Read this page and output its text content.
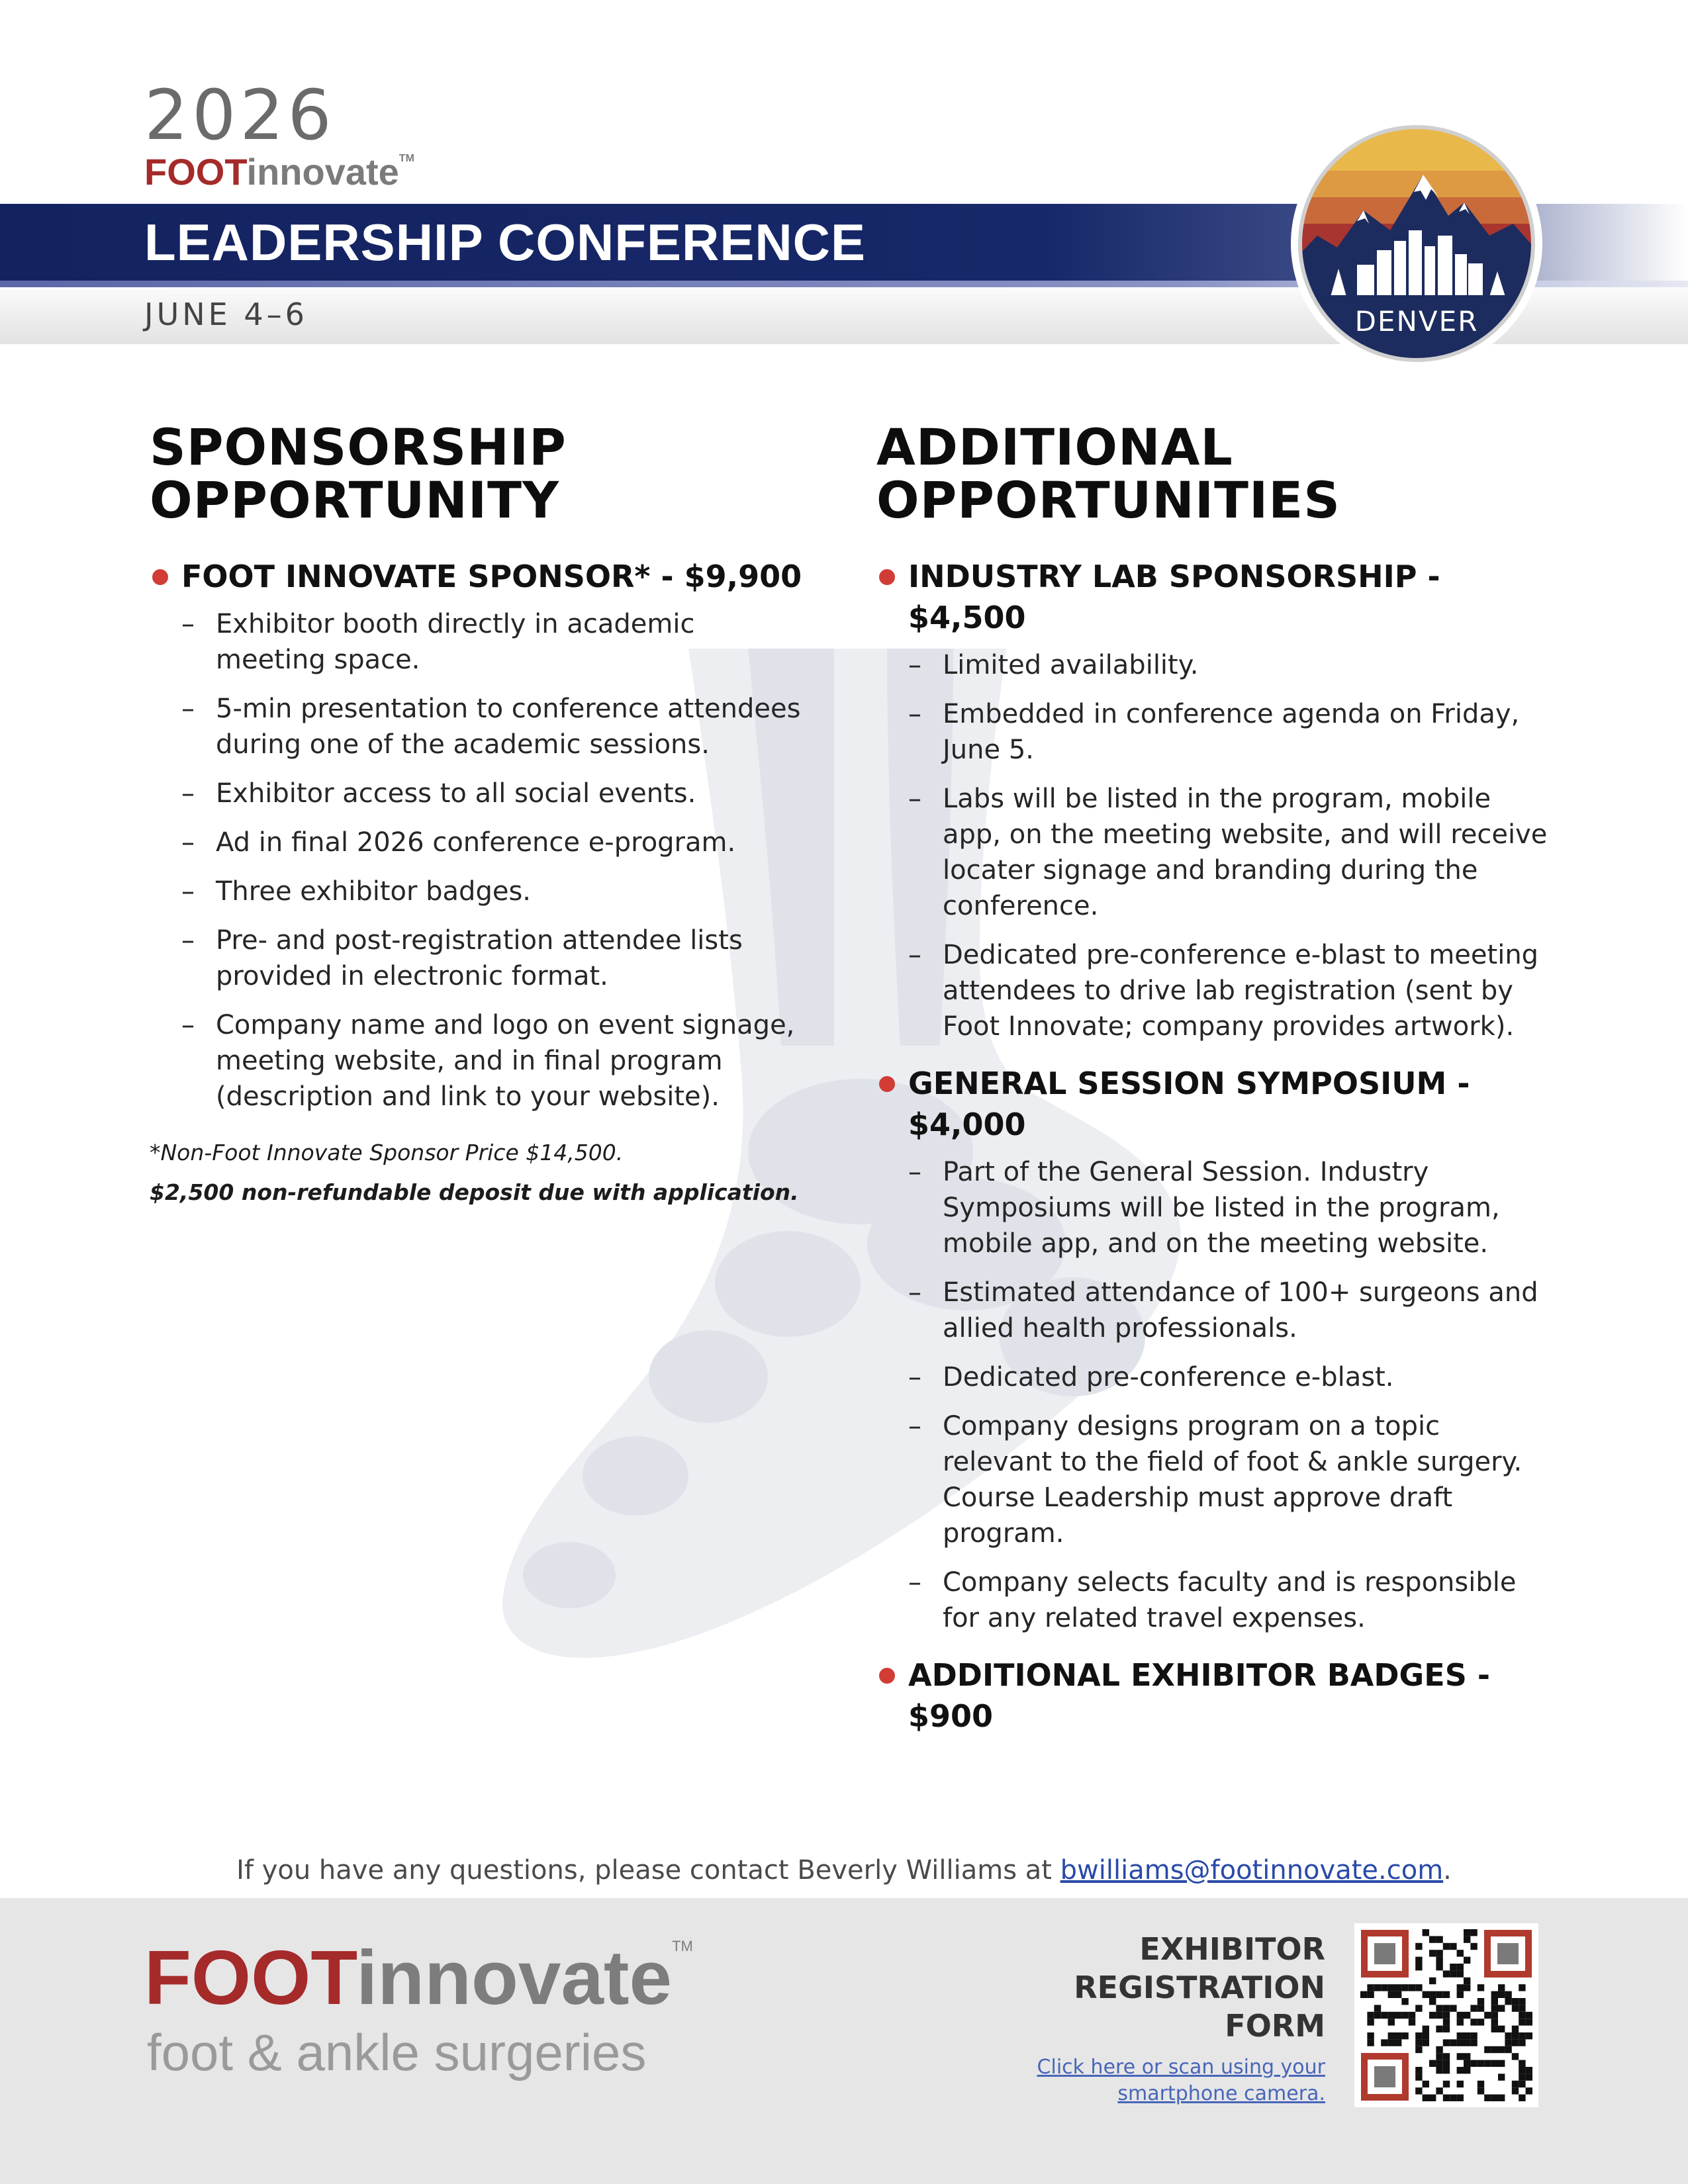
2026
FOOTinnovate™
LEADERSHIP CONFERENCE
JUNE 4–6	DENVER
SPONSORSHIP
OPPORTUNITY
FOOT INNOVATE SPONSOR* - $9,900
– Exhibitor booth directly in academic meeting space.
– 5-min presentation to conference attendees during one of the academic sessions.
– Exhibitor access to all social events.
– Ad in final 2026 conference e-program.
– Three exhibitor badges.
– Pre- and post-registration attendee lists provided in electronic format.
– Company name and logo on event signage, meeting website, and in final program (description and link to your website).
*Non-Foot Innovate Sponsor Price $14,500.
$2,500 non-refundable deposit due with application.
ADDITIONAL
OPPORTUNITIES
INDUSTRY LAB SPONSORSHIP -
$4,500
– Limited availability.
– Embedded in conference agenda on Friday, June 5.
– Labs will be listed in the program, mobile app, on the meeting website, and will receive locater signage and branding during the conference.
– Dedicated pre-conference e-blast to meeting attendees to drive lab registration (sent by Foot Innovate; company provides artwork).
GENERAL SESSION SYMPOSIUM -
$4,000
– Part of the General Session. Industry Symposiums will be listed in the program, mobile app, and on the meeting website.
– Estimated attendance of 100+ surgeons and allied health professionals.
– Dedicated pre-conference e-blast.
– Company designs program on a topic relevant to the field of foot & ankle surgery. Course Leadership must approve draft program.
– Company selects faculty and is responsible for any related travel expenses.
ADDITIONAL EXHIBITOR BADGES -
$900
If you have any questions, please contact Beverly Williams at bwilliams@footinnovate.com.
FOOTinnovateTM
foot & ankle surgeries
EXHIBITOR
REGISTRATION
FORM
Click here or scan using your
smartphone camera.
